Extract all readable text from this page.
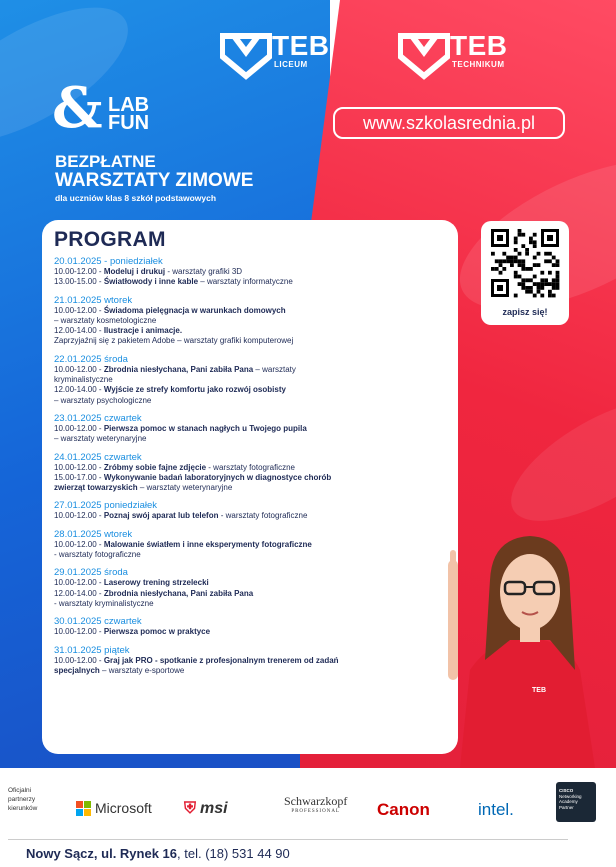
TEB
LICEUM
TEB
TECHNIKUM
& LAB
FUN	www.szkolasrednia.pl
BEZPŁATNE
WARSZTATY ZIMOWE
dla uczniów klas 8 szkół podstawowych
PROGRAM
20.01.2025 - poniedziałek
10.00-12.00 - Modeluj i drukuj - warsztaty grafiki 3D
13.00-15.00 - Światłowody i inne kable – warsztaty informatyczne
21.01.2025 wtorek
10.00-12.00 - Świadoma pielęgnacja w warunkach domowych
– warsztaty kosmetologiczne
12.00-14.00 - Ilustracje i animacje.
Zaprzyjaźnij się z pakietem Adobe – warsztaty grafiki komputerowej
22.01.2025 środa
10.00-12.00 - Zbrodnia niesłychana, Pani zabiła Pana – warsztaty
kryminalistyczne
12.00-14.00 - Wyjście ze strefy komfortu jako rozwój osobisty
– warsztaty psychologiczne
23.01.2025 czwartek
10.00-12.00 - Pierwsza pomoc w stanach nagłych u Twojego pupila
– warsztaty weterynaryjne
24.01.2025 czwartek
10.00-12.00 - Zróbmy sobie fajne zdjęcie - warsztaty fotograficzne
15.00-17.00 - Wykonywanie badań laboratoryjnych w diagnostyce chorób
zwierząt towarzyskich – warsztaty weterynaryjne
27.01.2025 poniedziałek
10.00-12.00 - Poznaj swój aparat lub telefon - warsztaty fotograficzne
28.01.2025 wtorek
10.00-12.00 - Malowanie światłem i inne eksperymenty fotograficzne
- warsztaty fotograficzne
29.01.2025 środa
10.00-12.00 - Laserowy trening strzelecki
12.00-14.00 - Zbrodnia niesłychana, Pani zabiła Pana
- warsztaty kryminalistyczne
30.01.2025 czwartek
10.00-12.00 - Pierwsza pomoc w praktyce
31.01.2025 piątek
10.00-12.00 - Graj jak PRO - spotkanie z profesjonalnym trenerem od zadań
specjalnych – warsztaty e-sportowe
zapisz się!
TEB
Oficjalni partnerzy kierunków	Microsoft ⛨ msi	Schwarzkopf
PROFESSIONAL Canon	intel.
CISCO
Networking Academy Partner
Nowy Sącz, ul. Rynek 16, tel. (18) 531 44 90
